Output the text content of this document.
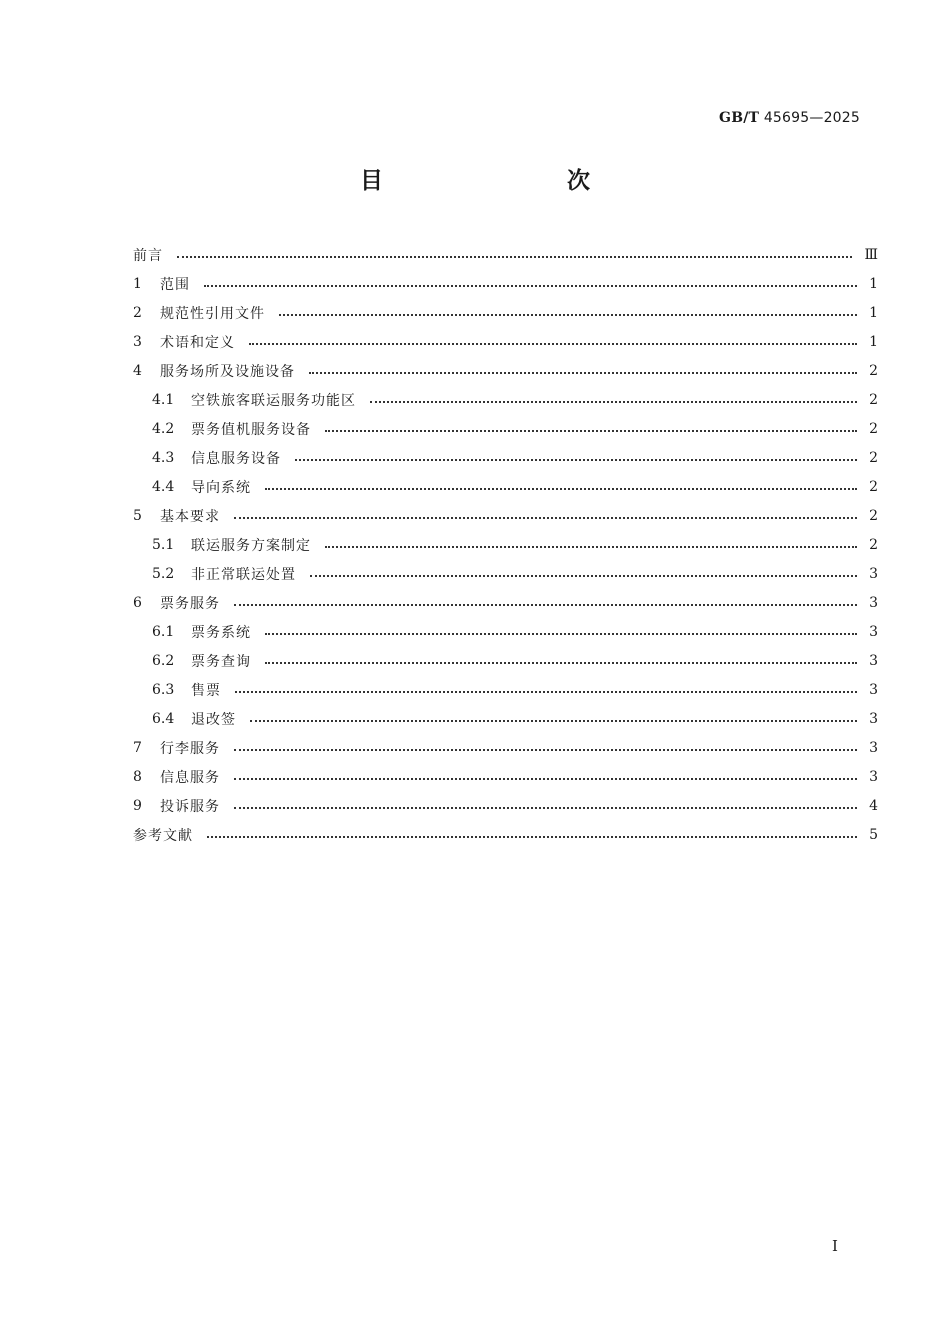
GB/T 45695—2025
目　　次
前言	Ⅲ
1	范围	1
2	规范性引用文件	1
3	术语和定义	1
4	服务场所及设施设备	2
4.1	空铁旅客联运服务功能区	2
4.2	票务值机服务设备	2
4.3	信息服务设备	2
4.4	导向系统	2
5	基本要求	2
5.1	联运服务方案制定	2
5.2	非正常联运处置	3
6	票务服务	3
6.1	票务系统	3
6.2	票务查询	3
6.3	售票	3
6.4	退改签	3
7	行李服务	3
8	信息服务	3
9	投诉服务	4
参考文献	5
Ⅰ
